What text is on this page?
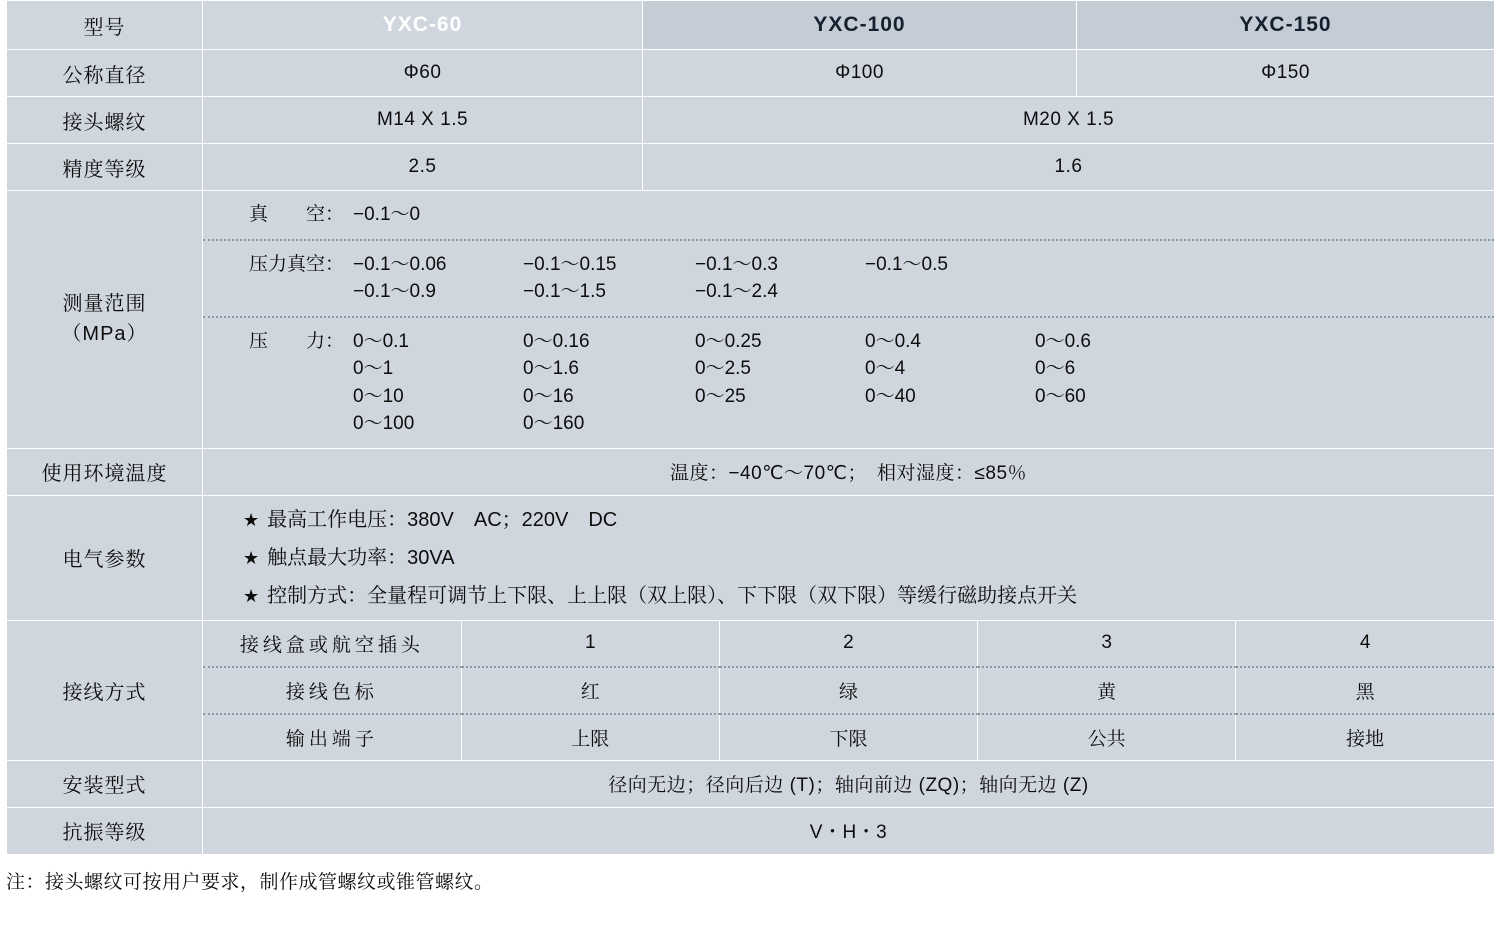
型号	YXC-60	YXC-100	YXC-150
公称直径	Φ60	Φ100	Φ150
接头螺纹	M14 X 1.5	M20 X 1.5
精度等级	2.5	1.6

测量范围
（MPa）

真　　空： −0.1～0
压力真空： −0.1～0.06	−0.1～0.15	−0.1～0.3	−0.1～0.5
−0.1～0.9	−0.1～1.5	−0.1～2.4
压　　力： 0～0.1	0～0.16	0～0.25	0～0.4	0～0.6
0～1	0～1.6	0～2.5	0～4	0～6
0～10	0～16	0～25	0～40	0～60
0～100	0～160

使用环境温度	温度：−40℃～70℃；　相对湿度：≤85％
电气参数	
★ 最高工作电压：380V　AC；220V　DC
★ 触点最大功率：30VA
★ 控制方式：全量程可调节上下限、上上限（双上限）、下下限（双下限）等缓行磁助接点开关

接线方式	
接线盒或航空插头	1	2	3	4
接线色标	红	绿	黄	黑
输出端子	上限	下限	公共	接地

安装型式	径向无边；径向后边 (T)；轴向前边 (ZQ)；轴向无边 (Z)
抗振等级	V・H・3
注：接头螺纹可按用户要求，制作成管螺纹或锥管螺纹。
